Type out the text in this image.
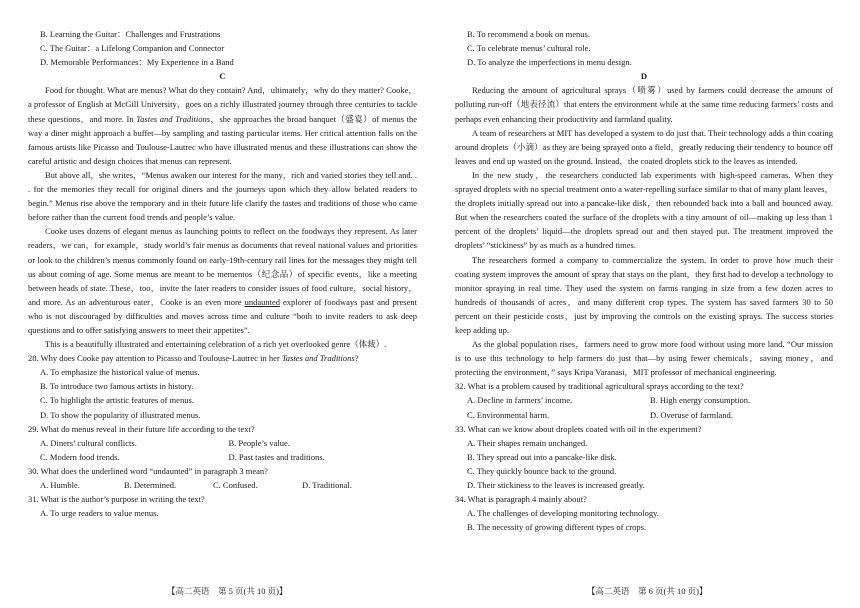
B. Learning the Guitar：Challenges and Frustrations
C. The Guitar：a Lifelong Companion and Connector
D. Memorable Performances：My Experience in a Band
C

Food for thought. What are menus? What do they contain? And，ultimately，why do they matter? Cooke，a professor of English at McGill University，goes on a richly illustrated journey through three centuries to tackle these questions，and more. In Tastes and Traditions，she approaches the broad banquet（盛宴）of menus the way a diner might approach a buffet—by sampling and tasting particular items. Her critical attention falls on the famous artists like Picasso and Toulouse-Lautrec who have illustrated menus and these illustrations can show the careful artistic and design choices that menus can represent.

But above all，she writes，“Menus awaken our interest for the many，rich and varied stories they tell and. . . for the memories they recall for original diners and the journeys upon which they allow belated readers to begin.” Menus rise above the temporary and in their future life clarify the tastes and traditions of those who came before rather than the current food trends and people’s value.

Cooke uses dozens of elegant menus as launching points to reflect on the foodways they represent. As later readers，we can，for example，study world’s fair menus as documents that reveal national values and priorities or look to the children’s menus commonly found on early-19th-century rail lines for the messages they might tell us about coming of age. Some menus are meant to be mementos（纪念品）of specific events，like a meeting between heads of state. These，too，invite the later readers to consider issues of food culture，social history，and more. As an adventurous eater，Cooke is an even more undaunted explorer of foodways past and present who is not discouraged by difficulties and moves across time and culture “both to invite readers to ask deep questions and to offer satisfying answers to meet their appetites”.

This is a beautifully illustrated and entertaining celebration of a rich yet overlooked genre（体裁）.

28. Why does Cooke pay attention to Picasso and Toulouse-Lautrec in her Tastes and Traditions?
A. To emphasize the historical value of menus.
B. To introduce two famous artists in history.
C. To highlight the artistic features of menus.
D. To show the popularity of illustrated menus.
29. What do menus reveal in their future life according to the text?
A. Diners’ cultural conflicts.	B. People’s value.
C. Modern food trends.	D. Past tastes and traditions.
30. What does the underlined word “undaunted” in paragraph 3 mean?
A. Humble.	B. Determined.	C. Confused.	D. Traditional.
31. What is the author’s purpose in writing the text?
A. To urge readers to value menus.
【高二英语　第 5 页(共 10 页)】
B. To recommend a book on menus.
C. To celebrate menus’ cultural role.
D. To analyze the imperfections in menu design.
D

Reducing the amount of agricultural sprays（喷雾）used by farmers could decrease the amount of polluting run-off（地表径流）that enters the environment while at the same time reducing farmers’ costs and perhaps even enhancing their productivity and farmland quality.

A team of researchers at MIT has developed a system to do just that. Their technology adds a thin coating around droplets（小滴）as they are being sprayed onto a field，greatly reducing their tendency to bounce off leaves and end up wasted on the ground. Instead，the coated droplets stick to the leaves as intended.

In the new study，the researchers conducted lab experiments with high-speed cameras. When they sprayed droplets with no special treatment onto a water-repelling surface similar to that of many plant leaves，the droplets initially spread out into a pancake-like disk，then rebounded back into a ball and bounced away. But when the researchers coated the surface of the droplets with a tiny amount of oil—making up less than 1 percent of the droplets’ liquid—the droplets spread out and then stayed put. The treatment improved the droplets’ “stickiness” by as much as a hundred times.

The researchers formed a company to commercialize the system. In order to prove how much their coating system improves the amount of spray that stays on the plant，they first had to develop a technology to monitor spraying in real time. They used the system on farms ranging in size from a few dozen acres to hundreds of thousands of acres，and many different crop types. The system has saved farmers 30 to 50 percent on their pesticide costs，just by improving the controls on the existing sprays. The success stories keep adding up.

As the global population rises，farmers need to grow more food without using more land. “Our mission is to use this technology to help farmers do just that—by using fewer chemicals，saving money，and protecting the environment，” says Kripa Varanasi，MIT professor of mechanical engineering.

32. What is a problem caused by traditional agricultural sprays according to the text?
A. Decline in farmers’ income.	B. High energy consumption.
C. Environmental harm.	D. Overuse of farmland.
33. What can we know about droplets coated with oil in the experiment?
A. Their shapes remain unchanged.
B. They spread out into a pancake-like disk.
C. They quickly bounce back to the ground.
D. Their stickiness to the leaves is increased greatly.
34. What is paragraph 4 mainly about?
A. The challenges of developing monitoring technology.
B. The necessity of growing different types of crops.
【高二英语　第 6 页(共 10 页)】
